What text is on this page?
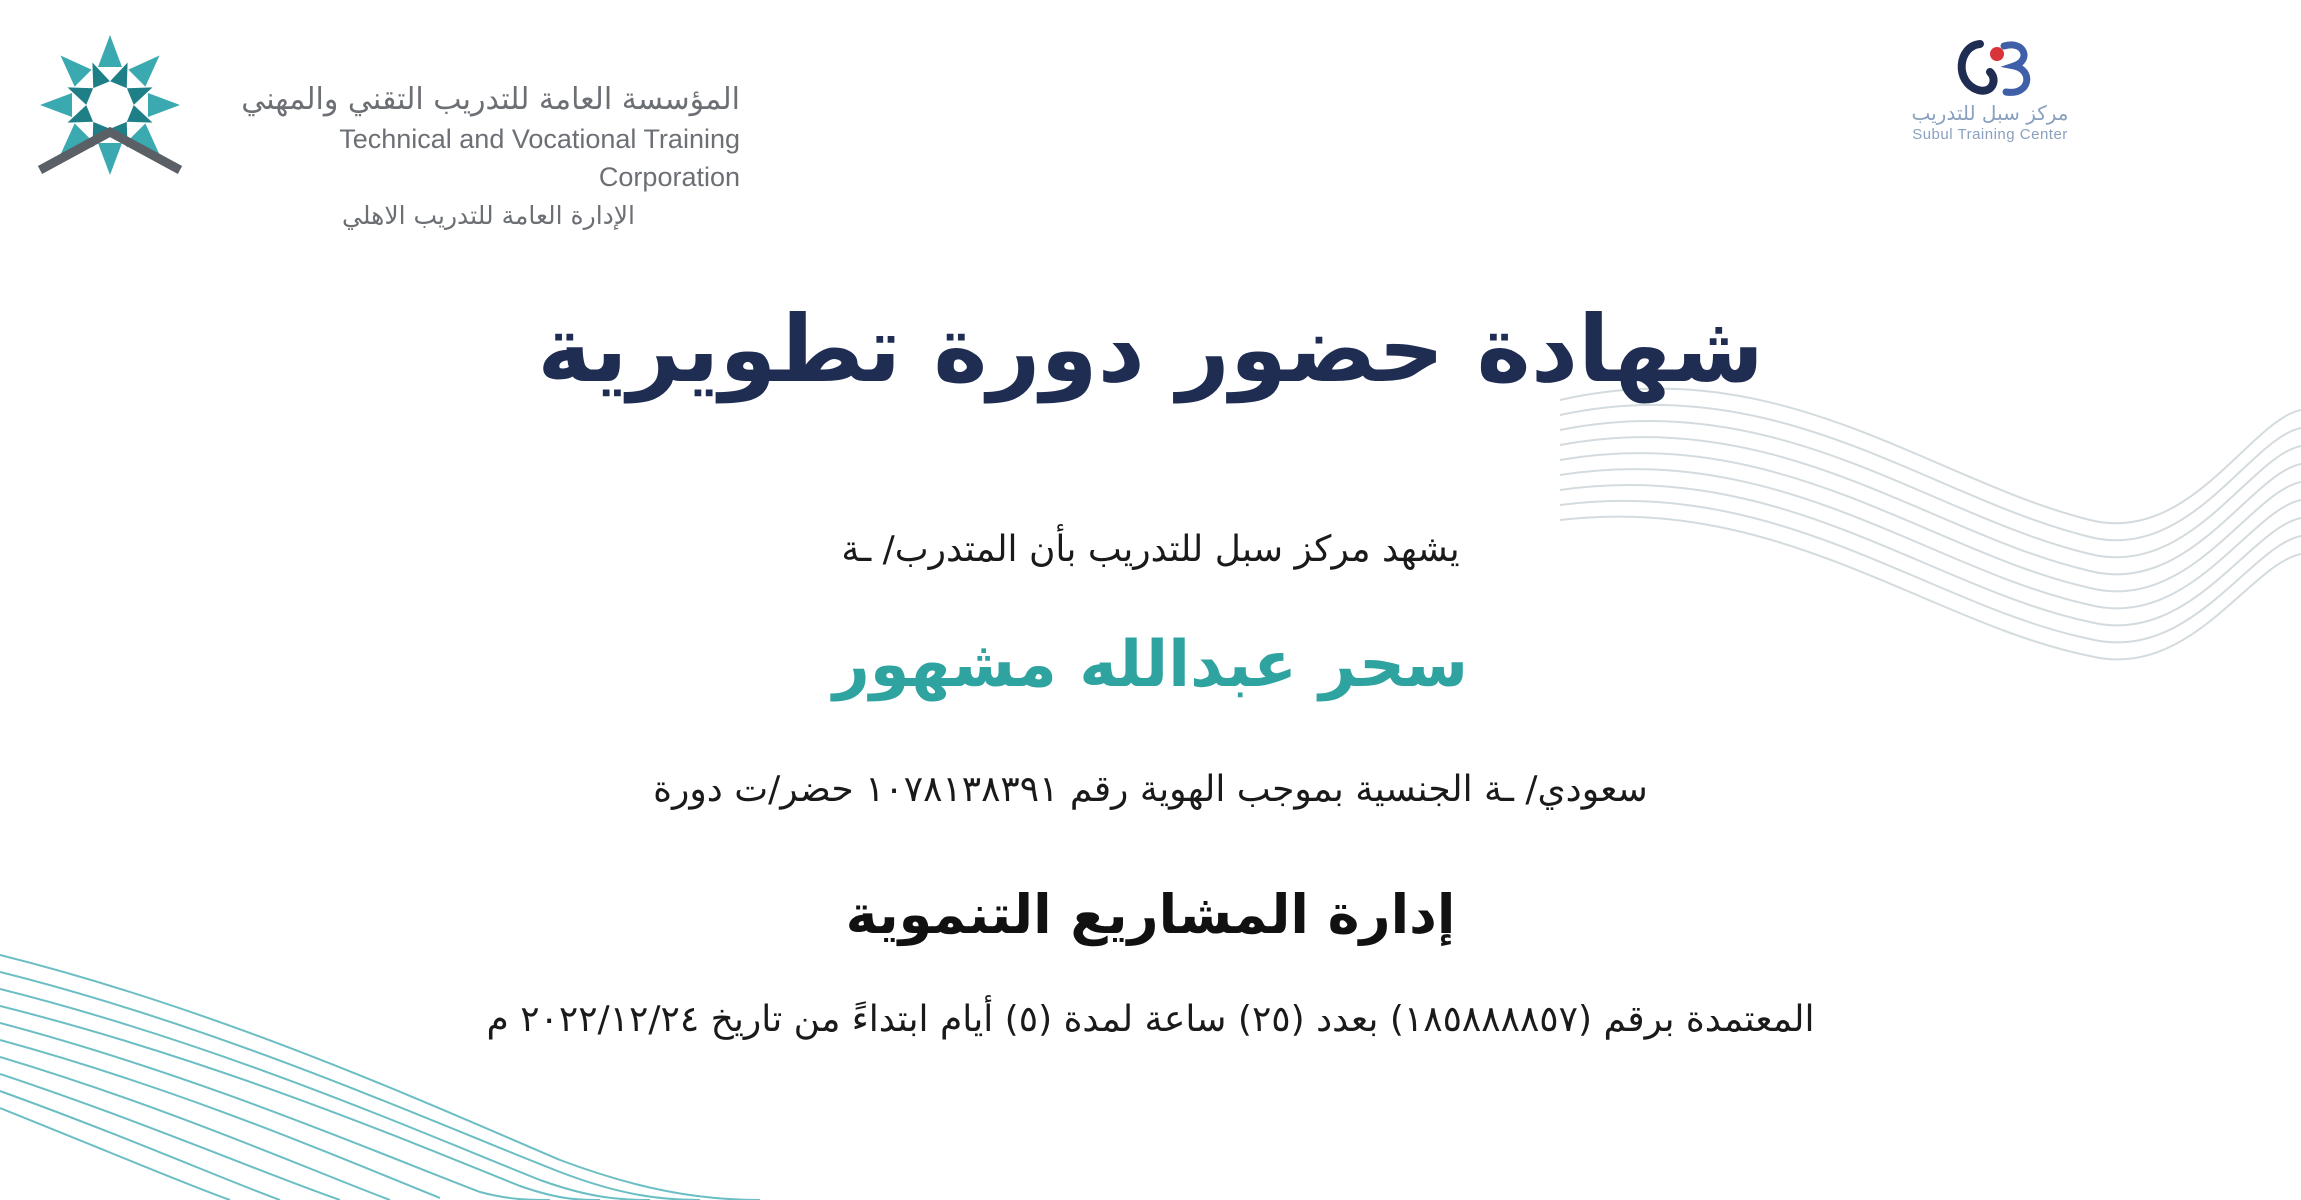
المؤسسة العامة للتدريب التقني والمهني
Technical and Vocational Training Corporation
الإدارة العامة للتدريب الاهلي
مركز سبل للتدريب
Subul Training Center
شهادة حضور دورة تطويرية
يشهد مركز سبل للتدريب بأن المتدرب/ ـة
سحر عبدالله مشهور
سعودي/ ـة الجنسية بموجب الهوية رقم ١٠٧٨١٣٨٣٩١ حضر/ت دورة
إدارة المشاريع التنموية
المعتمدة برقم (١٨٥٨٨٨٨٥٧) بعدد (٢٥) ساعة لمدة (٥) أيام ابتداءً من تاريخ ٢٠٢٢/١٢/٢٤ م
